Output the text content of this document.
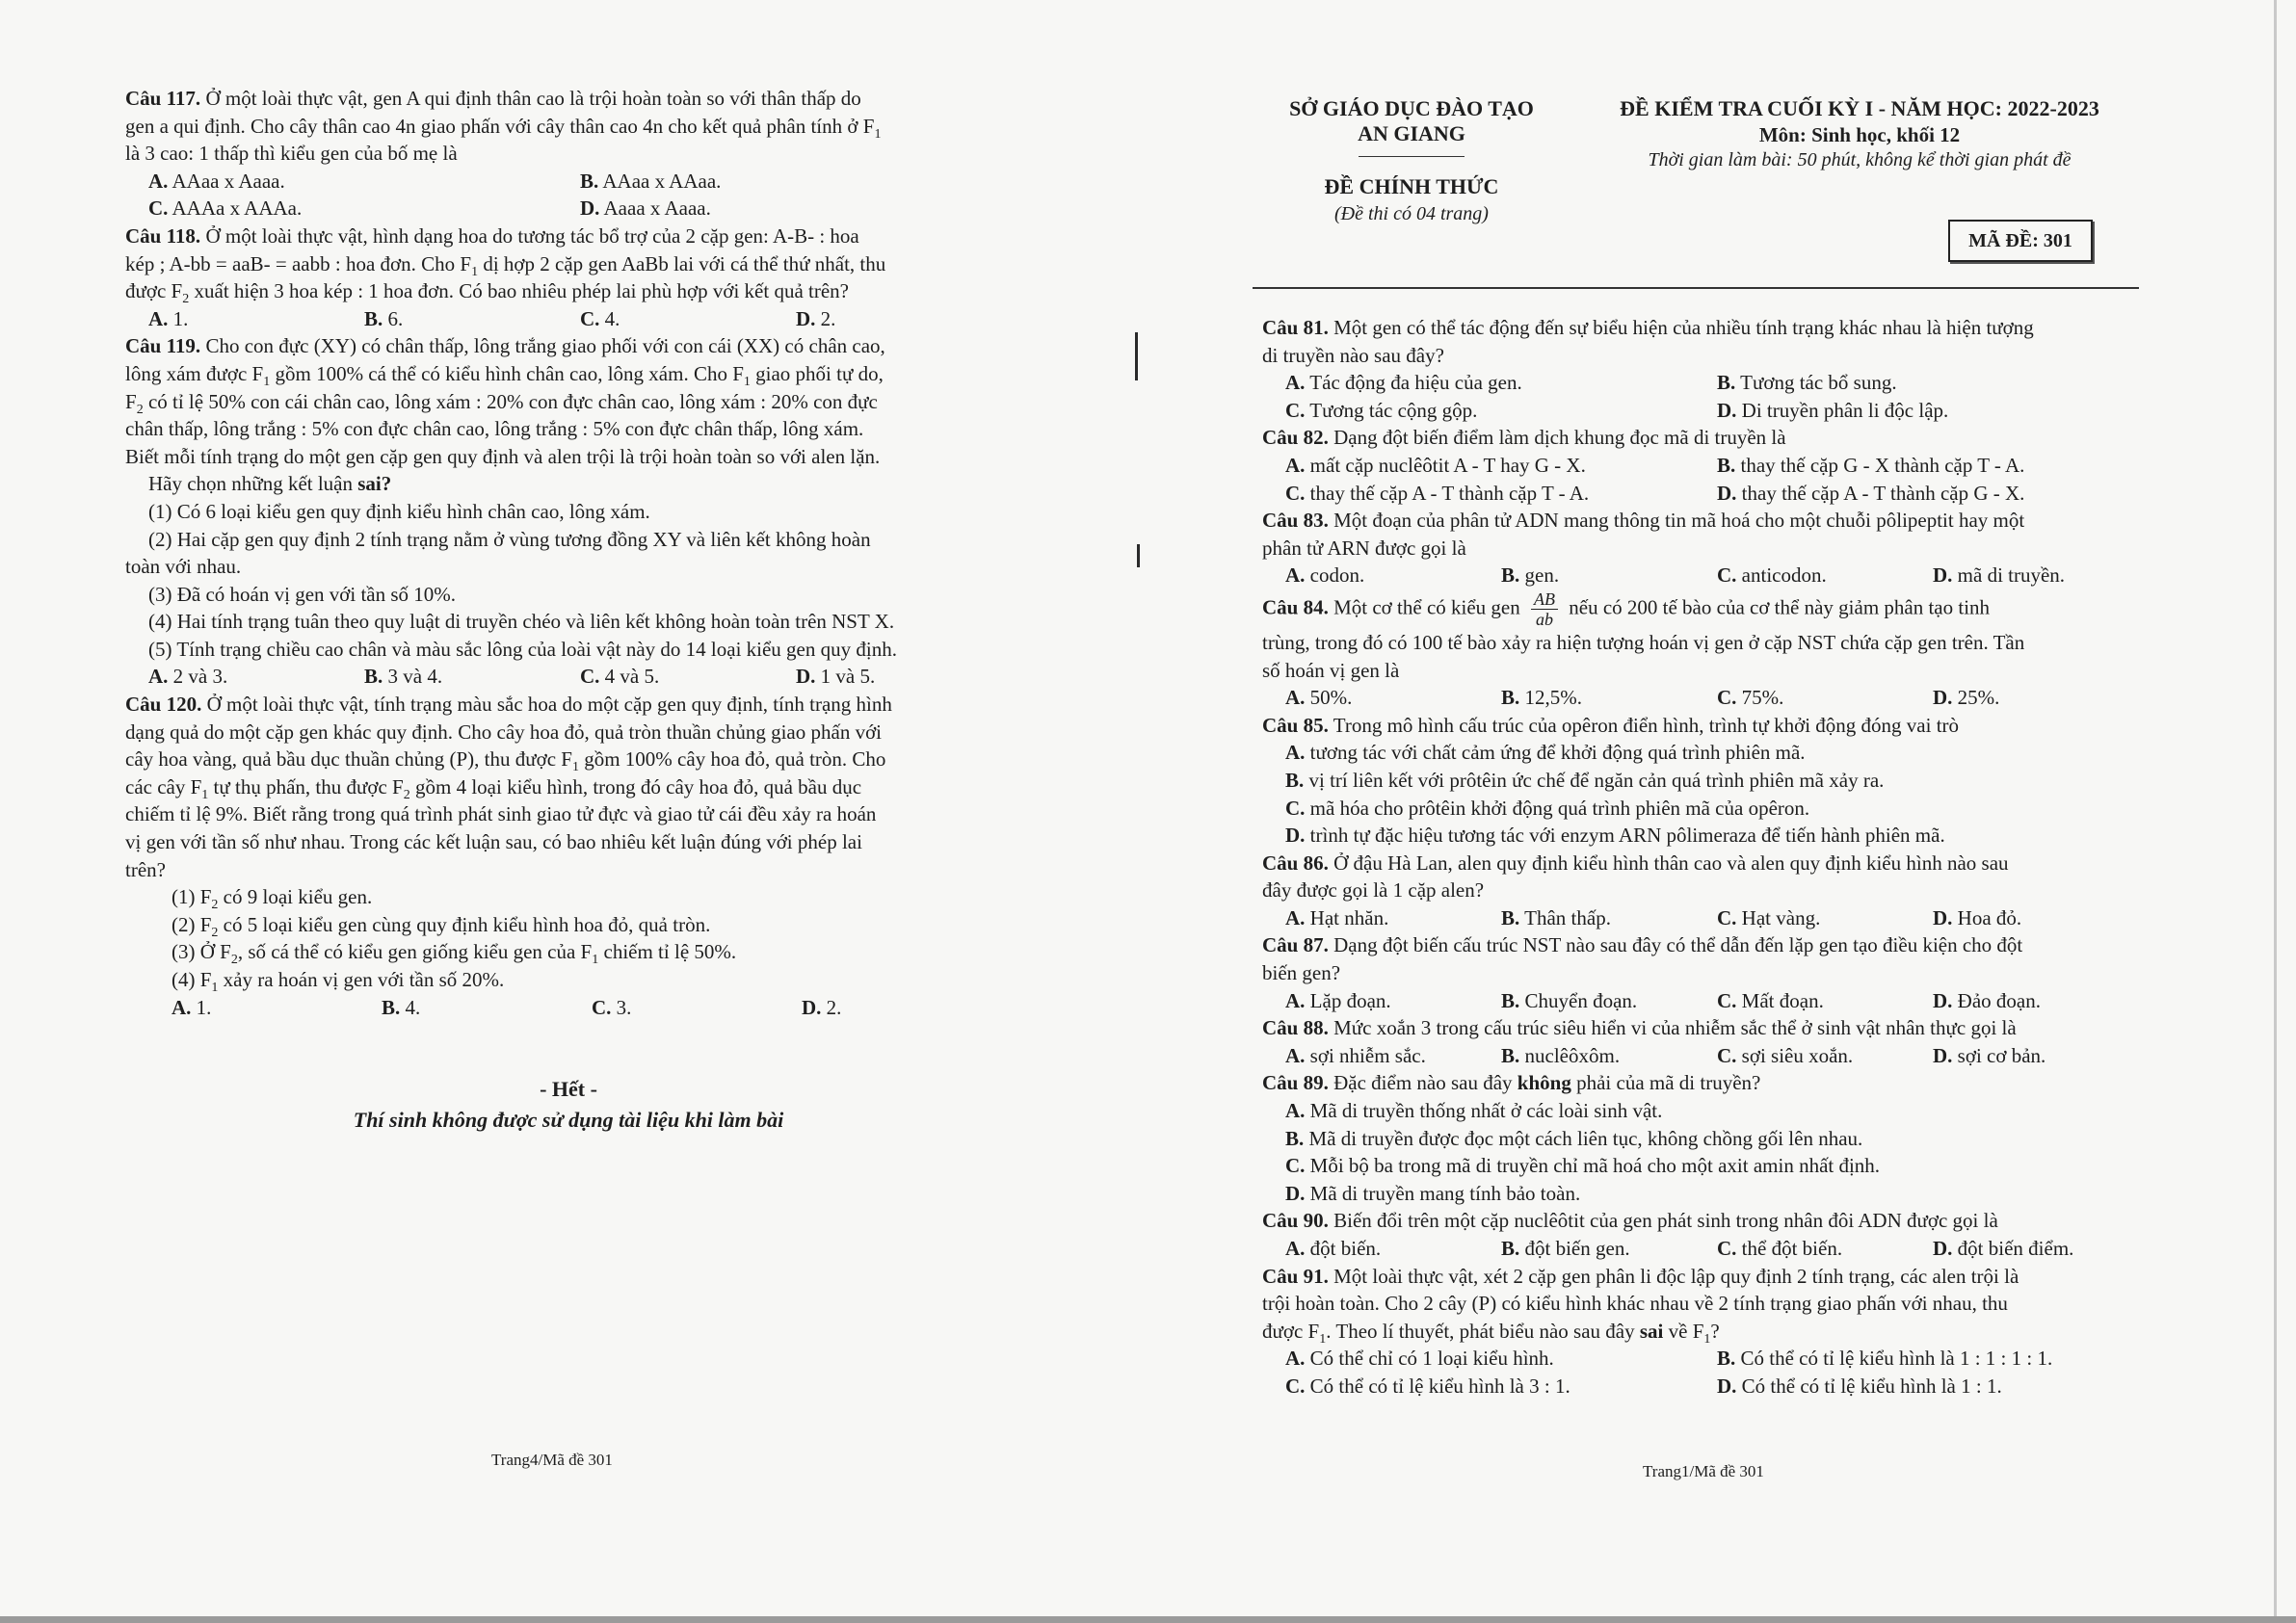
Câu 117. Ở một loài thực vật, gen A qui định thân cao là trội hoàn toàn so với thân thấp do
gen a qui định. Cho cây thân cao 4n giao phấn với cây thân cao 4n cho kết quả phân tính ở $F_1$
là 3 cao: 1 thấp thì kiểu gen của bố mẹ là
A. AAaa x Aaaa.	B. AAaa x AAaa.
C. AAAa x AAAa.	D. Aaaa x Aaaa.
Câu 118. Ở một loài thực vật, hình dạng hoa do tương tác bổ trợ của 2 cặp gen: A-B- : hoa
kép ; A-bb = aaB- = aabb : hoa đơn. Cho $F_1$ dị hợp 2 cặp gen AaBb lai với cá thể thứ nhất, thu
được $F_2$ xuất hiện 3 hoa kép : 1 hoa đơn. Có bao nhiêu phép lai phù hợp với kết quả trên?
A. 1.	B. 6.	C. 4.	D. 2.
Câu 119. Cho con đực (XY) có chân thấp, lông trắng giao phối với con cái (XX) có chân cao,
lông xám được $F_1$ gồm 100% cá thể có kiểu hình chân cao, lông xám. Cho $F_1$ giao phối tự do,
$F_2$ có tỉ lệ 50% con cái chân cao, lông xám : 20% con đực chân cao, lông xám : 20% con đực
chân thấp, lông trắng : 5% con đực chân cao, lông trắng : 5% con đực chân thấp, lông xám.
Biết mỗi tính trạng do một gen cặp gen quy định và alen trội là trội hoàn toàn so với alen lặn.
Hãy chọn những kết luận sai?
(1) Có 6 loại kiểu gen quy định kiểu hình chân cao, lông xám.
(2) Hai cặp gen quy định 2 tính trạng nằm ở vùng tương đồng XY và liên kết không hoàn
toàn với nhau.
(3) Đã có hoán vị gen với tần số 10%.
(4) Hai tính trạng tuân theo quy luật di truyền chéo và liên kết không hoàn toàn trên NST X.
(5) Tính trạng chiều cao chân và màu sắc lông của loài vật này do 14 loại kiểu gen quy định.
A. 2 và 3.	B. 3 và 4.	C. 4 và 5.	D. 1 và 5.
Câu 120. Ở một loài thực vật, tính trạng màu sắc hoa do một cặp gen quy định, tính trạng hình
dạng quả do một cặp gen khác quy định. Cho cây hoa đỏ, quả tròn thuần chủng giao phấn với
cây hoa vàng, quả bầu dục thuần chủng (P), thu được $F_1$ gồm 100% cây hoa đỏ, quả tròn. Cho
các cây $F_1$ tự thụ phấn, thu được $F_2$ gồm 4 loại kiểu hình, trong đó cây hoa đỏ, quả bầu dục
chiếm tỉ lệ 9%. Biết rằng trong quá trình phát sinh giao tử đực và giao tử cái đều xảy ra hoán
vị gen với tần số như nhau. Trong các kết luận sau, có bao nhiêu kết luận đúng với phép lai
trên?
(1) $F_2$ có 9 loại kiểu gen.
(2) $F_2$ có 5 loại kiểu gen cùng quy định kiểu hình hoa đỏ, quả tròn.
(3) Ở $F_2$, số cá thể có kiểu gen giống kiểu gen của $F_1$ chiếm tỉ lệ 50%.
(4) $F_1$ xảy ra hoán vị gen với tần số 20%.
A. 1.	B. 4.	C. 3.	D. 2.
- Hết -
Thí sinh không được sử dụng tài liệu khi làm bài
Trang4/Mã đề 301
SỞ GIÁO DỤC ĐÀO TẠO
AN GIANG
ĐỀ CHÍNH THỨC
(Đề thi có 04 trang)
ĐỀ KIỂM TRA CUỐI KỲ I - NĂM HỌC: 2022-2023
Môn: Sinh học, khối 12
Thời gian làm bài: 50 phút, không kể thời gian phát đề
MÃ ĐỀ: 301
Câu 81. Một gen có thể tác động đến sự biểu hiện của nhiều tính trạng khác nhau là hiện tượng
di truyền nào sau đây?
A. Tác động đa hiệu của gen.	B. Tương tác bổ sung.
C. Tương tác cộng gộp.	D. Di truyền phân li độc lập.
Câu 82. Dạng đột biến điểm làm dịch khung đọc mã di truyền là
A. mất cặp nuclêôtit A - T hay G - X.	B. thay thế cặp G - X thành cặp T - A.
C. thay thế cặp A - T thành cặp T - A.	D. thay thế cặp A - T thành cặp G - X.
Câu 83. Một đoạn của phân tử ADN mang thông tin mã hoá cho một chuỗi pôlipeptit hay một
phân tử ARN được gọi là
A. codon.	B. gen.	C. anticodon.	D. mã di truyền.
Câu 84. Một cơ thể có kiểu gen $\frac{AB}{ab}$ nếu có 200 tế bào của cơ thể này giảm phân tạo tinh
trùng, trong đó có 100 tế bào xảy ra hiện tượng hoán vị gen ở cặp NST chứa cặp gen trên. Tần
số hoán vị gen là
A. 50%.	B. 12,5%.	C. 75%.	D. 25%.
Câu 85. Trong mô hình cấu trúc của opêron điển hình, trình tự khởi động đóng vai trò
A. tương tác với chất cảm ứng để khởi động quá trình phiên mã.
B. vị trí liên kết với prôtêin ức chế để ngăn cản quá trình phiên mã xảy ra.
C. mã hóa cho prôtêin khởi động quá trình phiên mã của opêron.
D. trình tự đặc hiệu tương tác với enzym ARN pôlimeraza để tiến hành phiên mã.
Câu 86. Ở đậu Hà Lan, alen quy định kiểu hình thân cao và alen quy định kiểu hình nào sau
đây được gọi là 1 cặp alen?
A. Hạt nhăn.	B. Thân thấp.	C. Hạt vàng.	D. Hoa đỏ.
Câu 87. Dạng đột biến cấu trúc NST nào sau đây có thể dẫn đến lặp gen tạo điều kiện cho đột
biến gen?
A. Lặp đoạn.	B. Chuyển đoạn.	C. Mất đoạn.	D. Đảo đoạn.
Câu 88. Mức xoắn 3 trong cấu trúc siêu hiển vi của nhiễm sắc thể ở sinh vật nhân thực gọi là
A. sợi nhiễm sắc.	B. nuclêôxôm.	C. sợi siêu xoắn.	D. sợi cơ bản.
Câu 89. Đặc điểm nào sau đây không phải của mã di truyền?
A. Mã di truyền thống nhất ở các loài sinh vật.
B. Mã di truyền được đọc một cách liên tục, không chồng gối lên nhau.
C. Mỗi bộ ba trong mã di truyền chỉ mã hoá cho một axit amin nhất định.
D. Mã di truyền mang tính bảo toàn.
Câu 90. Biến đổi trên một cặp nuclêôtit của gen phát sinh trong nhân đôi ADN được gọi là
A. đột biến.	B. đột biến gen.	C. thể đột biến.	D. đột biến điểm.
Câu 91. Một loài thực vật, xét 2 cặp gen phân li độc lập quy định 2 tính trạng, các alen trội là
trội hoàn toàn. Cho 2 cây (P) có kiểu hình khác nhau về 2 tính trạng giao phấn với nhau, thu
được $F_1$. Theo lí thuyết, phát biểu nào sau đây sai về $F_1$?
A. Có thể chỉ có 1 loại kiểu hình.	B. Có thể có tỉ lệ kiểu hình là 1 : 1 : 1 : 1.
C. Có thể có tỉ lệ kiểu hình là 3 : 1.	D. Có thể có tỉ lệ kiểu hình là 1 : 1.
Trang1/Mã đề 301
